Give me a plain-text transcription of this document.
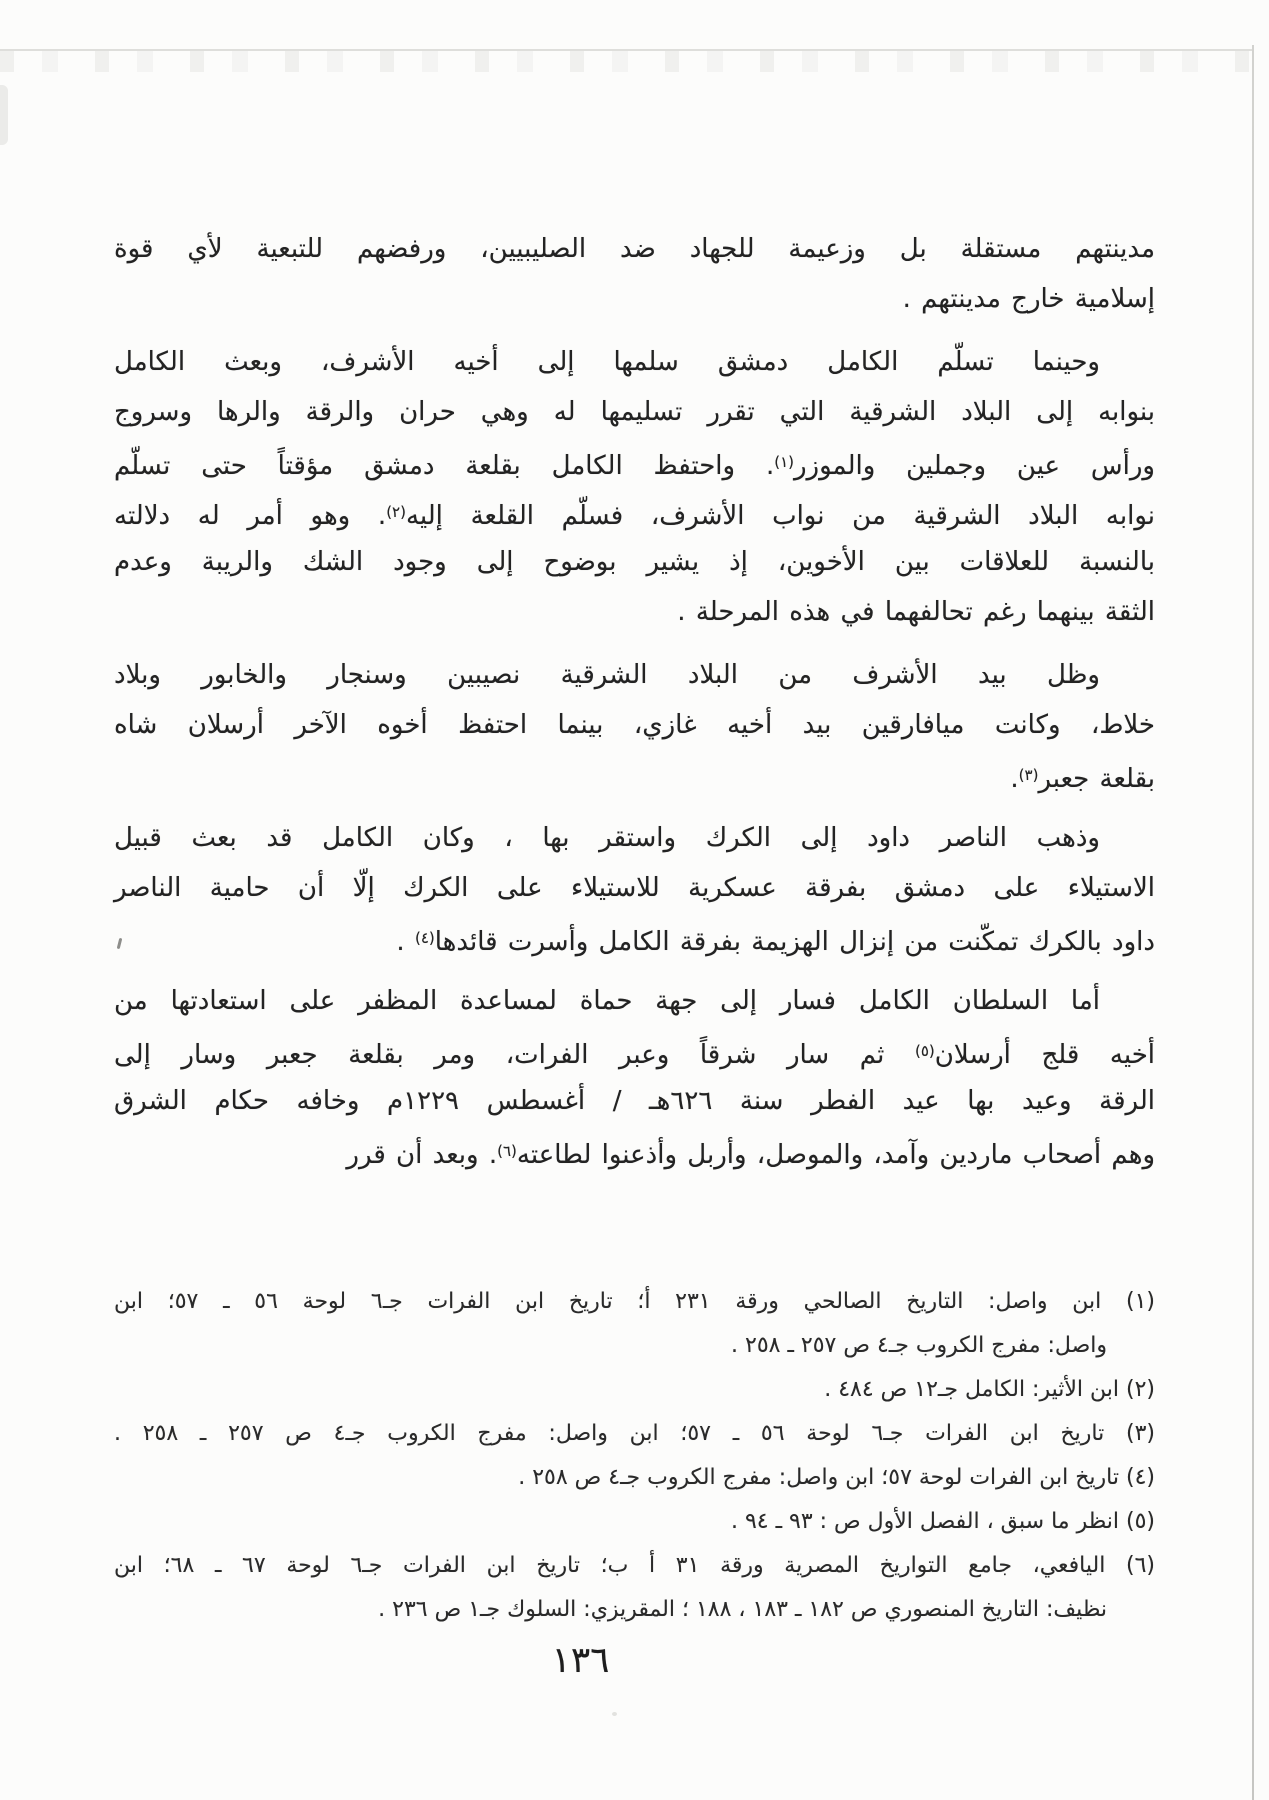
مدينتهم مستقلة بل وزعيمة للجهاد ضد الصليبيين، ورفضهم للتبعية لأي قوة
إسلامية خارج مدينتهم .
وحينما تسلّم الكامل دمشق سلمها إلى أخيه الأشرف، وبعث الكامل
بنوابه إلى البلاد الشرقية التي تقرر تسليمها له وهي حران والرقة والرها وسروج
ورأس عين وجملين والموزر$^{(١)}$. واحتفظ الكامل بقلعة دمشق مؤقتاً حتى تسلّم
نوابه البلاد الشرقية من نواب الأشرف، فسلّم القلعة إليه$^{(٢)}$. وهو أمر له دلالته
بالنسبة للعلاقات بين الأخوين، إذ يشير بوضوح إلى وجود الشك والريبة وعدم
الثقة بينهما رغم تحالفهما في هذه المرحلة .
وظل بيد الأشرف من البلاد الشرقية نصيبين وسنجار والخابور وبلاد
خلاط، وكانت ميافارقين بيد أخيه غازي، بينما احتفظ أخوه الآخر أرسلان شاه
بقلعة جعبر$^{(٣)}$.
وذهب الناصر داود إلى الكرك واستقر بها ، وكان الكامل قد بعث قبيل
الاستيلاء على دمشق بفرقة عسكرية للاستيلاء على الكرك إلّا أن حامية الناصر
داود بالكرك تمكّنت من إنزال الهزيمة بفرقة الكامل وأسرت قائدها$^{(٤)}$ .
أما السلطان الكامل فسار إلى جهة حماة لمساعدة المظفر على استعادتها من
أخيه قلج أرسلان$^{(٥)}$ ثم سار شرقاً وعبر الفرات، ومر بقلعة جعبر وسار إلى
الرقة وعيد بها عيد الفطر سنة ٦٢٦هـ / أغسطس ١٢٢٩م وخافه حكام الشرق
وهم أصحاب ماردين وآمد، والموصل، وأربل وأذعنوا لطاعته$^{(٦)}$. وبعد أن قرر
(١) ابن واصل: التاريخ الصالحي ورقة ٢٣١ أ؛ تاريخ ابن الفرات جـ٦ لوحة ٥٦ ـ ٥٧؛ ابن
واصل: مفرج الكروب جـ٤ ص ٢٥٧ ـ ٢٥٨ .
(٢) ابن الأثير: الكامل جـ١٢ ص ٤٨٤ .
(٣) تاريخ ابن الفرات جـ٦ لوحة ٥٦ ـ ٥٧؛ ابن واصل: مفرج الكروب جـ٤ ص ٢٥٧ ـ ٢٥٨ .
(٤) تاريخ ابن الفرات لوحة ٥٧؛ ابن واصل: مفرج الكروب جـ٤ ص ٢٥٨ .
(٥) انظر ما سبق ، الفصل الأول ص : ٩٣ ـ ٩٤ .
(٦) اليافعي، جامع التواريخ المصرية ورقة ٣١ أ ب؛ تاريخ ابن الفرات جـ٦ لوحة ٦٧ ـ ٦٨؛ ابن
نظيف: التاريخ المنصوري ص ١٨٢ ـ ١٨٣ ، ١٨٨ ؛ المقريزي: السلوك جـ١ ص ٢٣٦ .
١٣٦
